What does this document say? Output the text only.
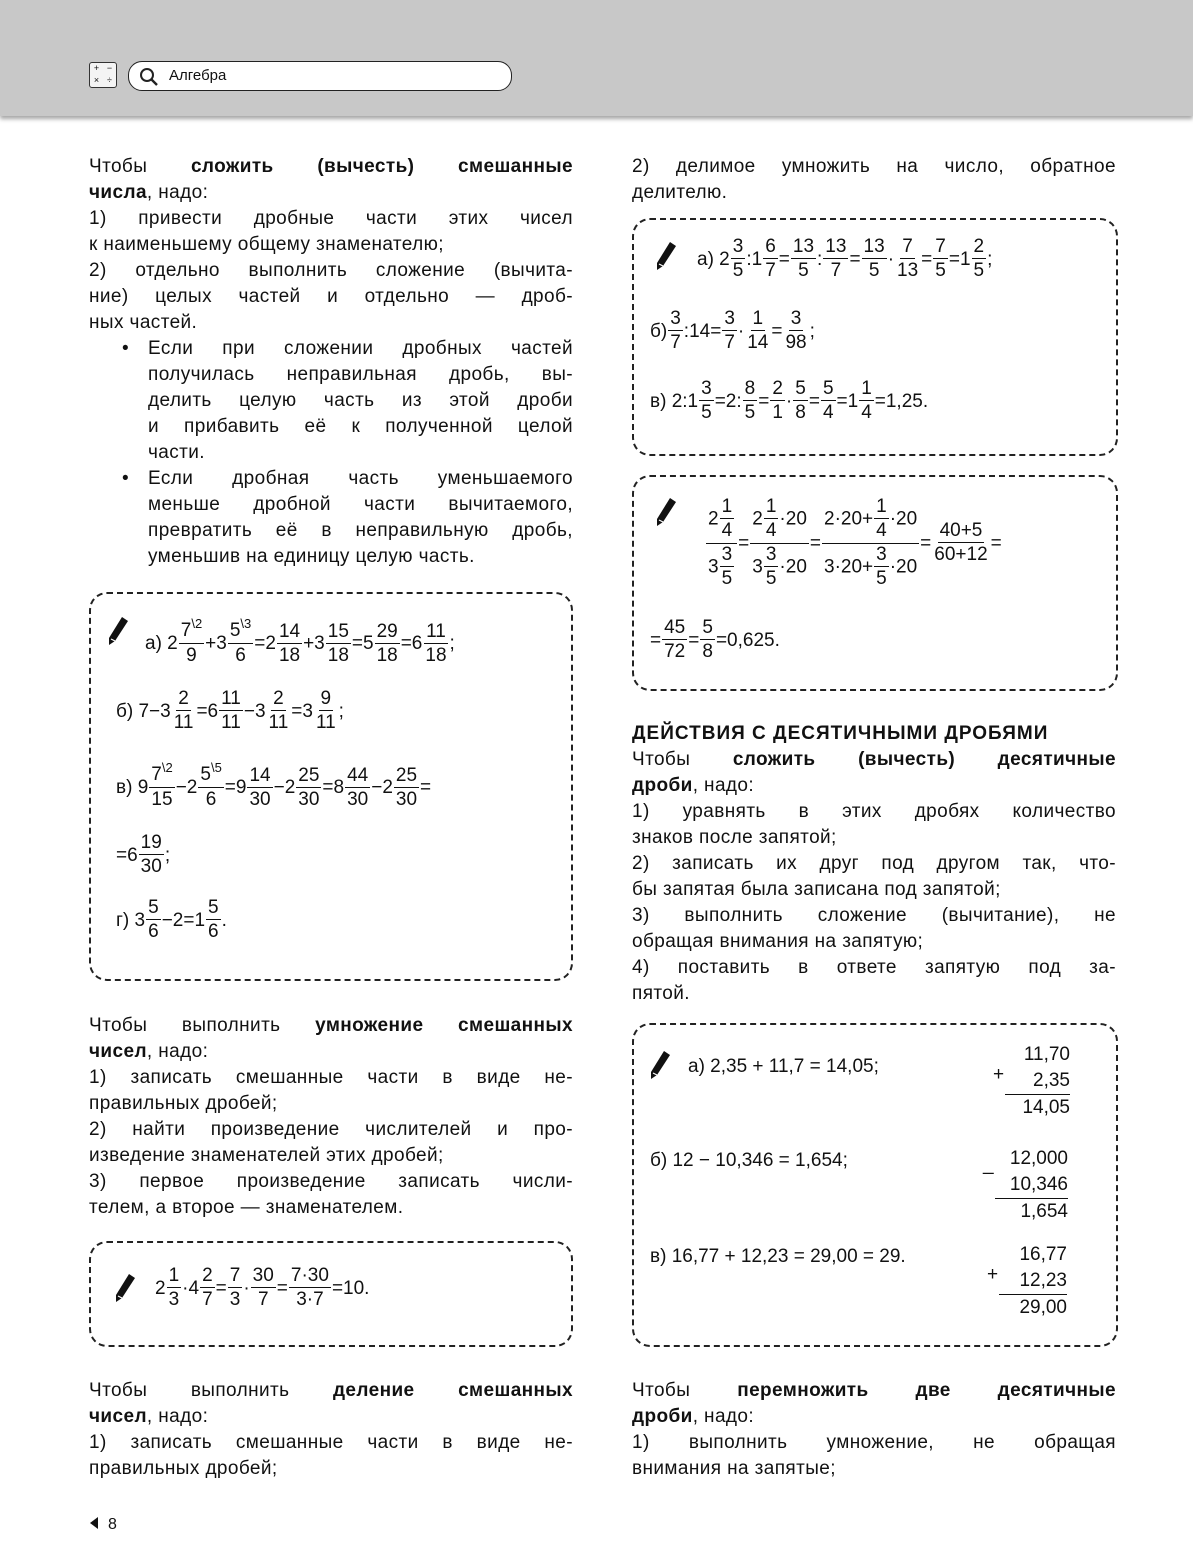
+ −
× ÷	Алгебра

Чтобы сложить (вычесть) смешанные

числа, надо:

1) привести дробные части этих чисел

к наименьшему общему знаменателю;

2) отдельно выполнить сложение (вычита-

ние) целых частей и отдельно — дроб-

ных частей.

• Если при сложении дробных частей

получилась неправильная дробь, вы-

делить целую часть из этой дроби

и прибавить её к полученной целой

части.

• Если дробная часть уменьшаемого

меньше дробной части вычитаемого,

превратить её в неправильную дробь,

уменьшив на единицу целую часть.

а) 2
$7^{\backslash 2}$
9
+3
$5^{\backslash 3}$
6
=2
14
18
+3
15
18
=5
29
18
=6
11
18
;
б) 7−3
2
11
=6
11
11
−3
2
11
=3
9
11
;
в) 9
$7^{\backslash 2}$
15
−2
$5^{\backslash 5}$
6
=9
14
30
−2
25
30
=8
44
30
−2
25
30
=
=6
19
30
;
г) 3
5
6
−2=1
5
6
.

Чтобы выполнить умножение смешанных

чисел, надо:

1) записать смешанные части в виде не-

правильных дробей;

2) найти произведение числителей и про-

изведение знаменателей этих дробей;

3) первое произведение записать числи-

телем, а второе — знаменателем.

2
1
3
·4
2
7
=
7
3
·
30
7
=
7·30
3·7
=10.

Чтобы выполнить деление смешанных

чисел, надо:

1) записать смешанные части в виде не-

правильных дробей;

2) делимое умножить на число, обратное

делителю.

а) 2
3
5
:1
6
7
=
13
5
:
13
7
=
13
5
·
7
13
=
7
5
=1
2
5
;
б)
3
7
:14=
3
7
·
1
14
=
3
98
;
в) 2:1
3
5
=2:
8
5
=
2
1
·
5
8
=
5
4
=1
1
4
=1,25.
$2 \frac{1}{4}$
$3 \frac{3}{5}$
=
$2 \frac{1}{4} \cdot 20$
$3 \frac{3}{5} \cdot 20$
=
$2\cdot 20+ \frac{1}{4} \cdot 20$
$3\cdot 20+ \frac{3}{5} \cdot 20$
=
40+5
60+12
=
=
45
72
=
5
8
=0,625.

ДЕЙСТВИЯ С ДЕСЯТИЧНЫМИ ДРОБЯМИ

Чтобы сложить (вычесть) десятичные

дроби, надо:

1) уравнять в этих дробях количество

знаков после запятой;

2) записать их друг под другом так, что-

бы запятая была записана под запятой;

3) выполнить сложение (вычитание), не

обращая внимания на запятую;

4) поставить в ответе запятую под за-

пятой.

а) 2,35 + 11,7 = 14,05;
11,70
+ 2,35
14,05
б) 12 − 10,346 = 1,654;	_ 12,000
10,346
1,654
в) 16,77 + 12,23 = 29,00 = 29.	16,77
+ 12,23
29,00

Чтобы перемножить две десятичные

дроби, надо:

1) выполнить умножение, не обращая

внимания на запятые;

8
